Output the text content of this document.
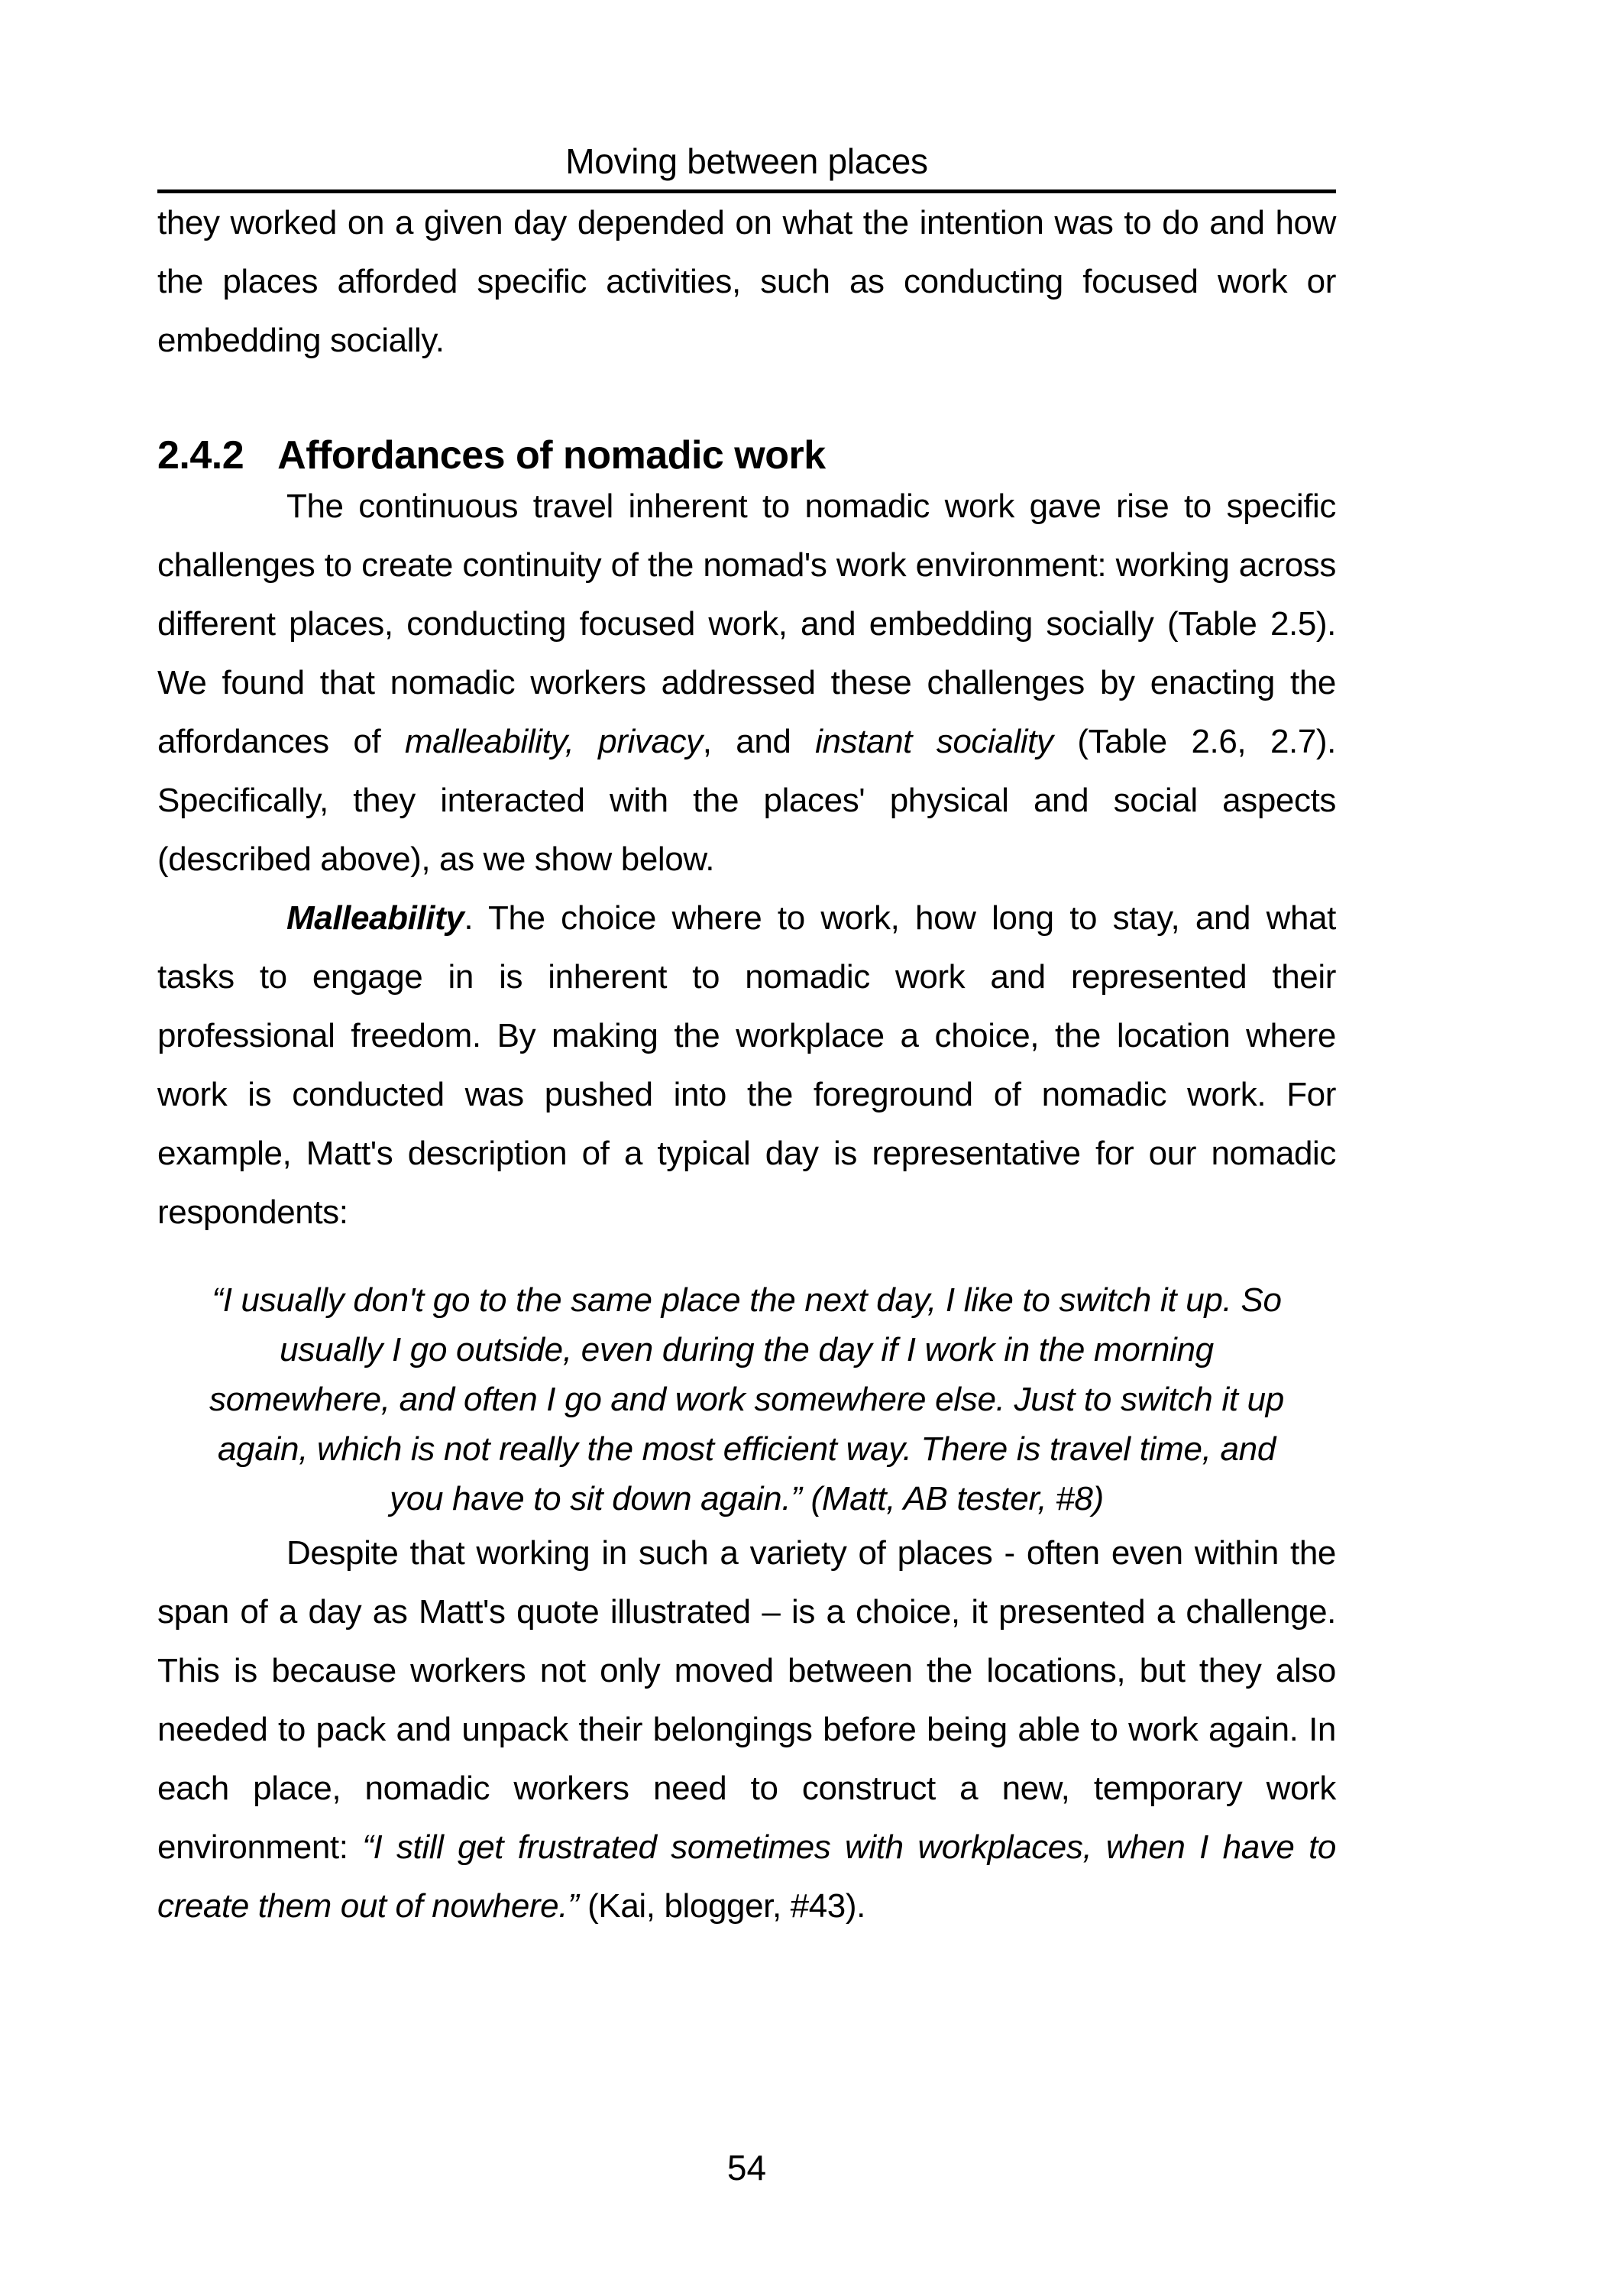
Moving between places

they worked on a given day depended on what the intention was to do and how the places afforded specific activities, such as conducting focused work or embedding socially.

2.4.2 Affordances of nomadic work

The continuous travel inherent to nomadic work gave rise to specific challenges to create continuity of the nomad's work environment: working across different places, conducting focused work, and embedding socially (Table 2.5). We found that nomadic workers addressed these challenges by enacting the affordances of malleability, privacy, and instant sociality (Table 2.6, 2.7). Specifically, they interacted with the places' physical and social aspects (described above), as we show below.

Malleability. The choice where to work, how long to stay, and what tasks to engage in is inherent to nomadic work and represented their professional freedom. By making the workplace a choice, the location where work is conducted was pushed into the foreground of nomadic work. For example, Matt's description of a typical day is representative for our nomadic respondents:

“I usually don't go to the same place the next day, I like to switch it up. So usually I go outside, even during the day if I work in the morning somewhere, and often I go and work somewhere else. Just to switch it up again, which is not really the most efficient way. There is travel time, and you have to sit down again.” (Matt, AB tester, #8)

Despite that working in such a variety of places - often even within the span of a day as Matt's quote illustrated – is a choice, it presented a challenge. This is because workers not only moved between the locations, but they also needed to pack and unpack their belongings before being able to work again. In each place, nomadic workers need to construct a new, temporary work environment: “I still get frustrated sometimes with workplaces, when I have to create them out of nowhere.” (Kai, blogger, #43).

54
